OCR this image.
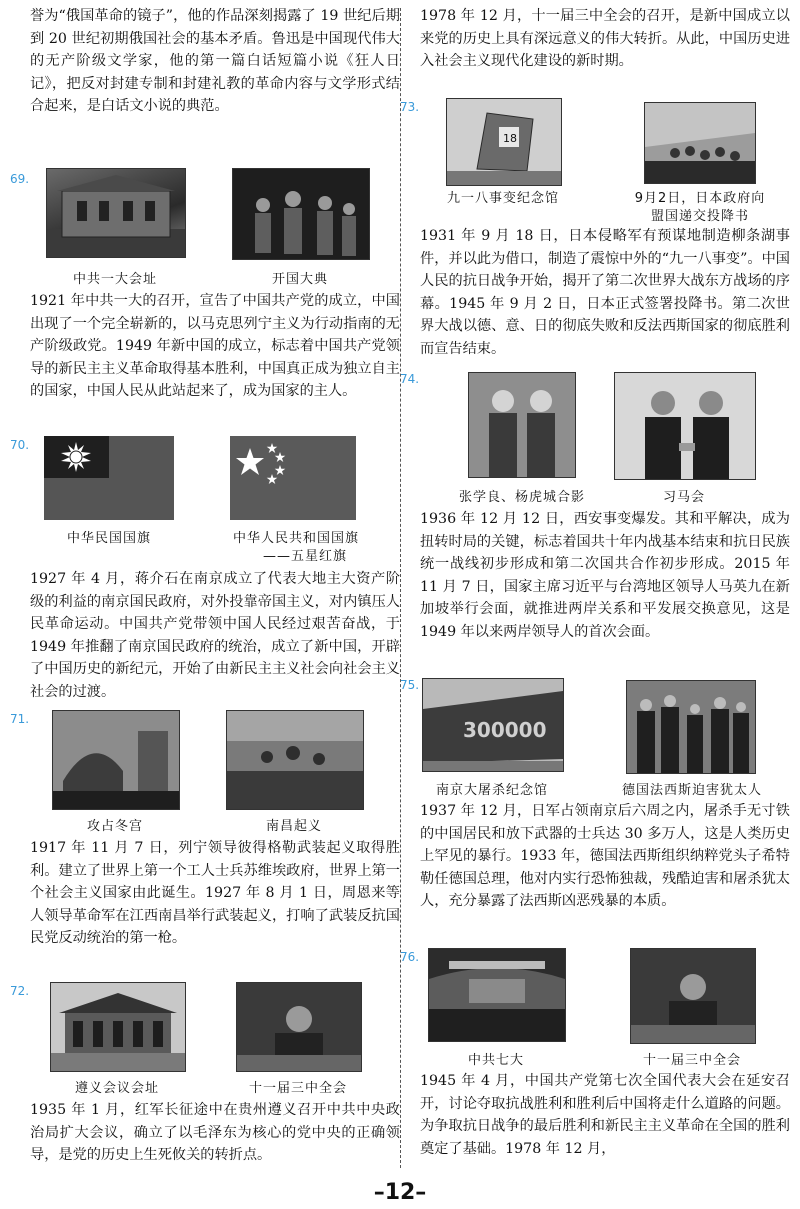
誉为“俄国革命的镜子”，他的作品深刻揭露了 19 世纪后期到 20 世纪初期俄国社会的基本矛盾。鲁迅是中国现代伟大的无产阶级文学家，他的第一篇白话短篇小说《狂人日记》，把反对封建专制和封建礼教的革命内容与文学形式结合起来，是白话文小说的典范。

69.
中共一大会址	开国大典

1921 年中共一大的召开，宣告了中国共产党的成立，中国出现了一个完全崭新的，以马克思列宁主义为行动指南的无产阶级政党。1949 年新中国的成立，标志着中国共产党领导的新民主主义革命取得基本胜利，中国真正成为独立自主的国家，中国人民从此站起来了，成为国家的主人。

70.
中华民国国旗	中华人民共和国国旗
——五星红旗

1927 年 4 月，蒋介石在南京成立了代表大地主大资产阶级的利益的南京国民政府，对外投靠帝国主义，对内镇压人民革命运动。中国共产党带领中国人民经过艰苦奋战，于 1949 年推翻了南京国民政府的统治，成立了新中国，开辟了中国历史的新纪元，开始了由新民主主义社会向社会主义社会的过渡。

71.
攻占冬宫	南昌起义

1917 年 11 月 7 日，列宁领导彼得格勒武装起义取得胜利。建立了世界上第一个工人士兵苏维埃政府，世界上第一个社会主义国家由此诞生。1927 年 8 月 1 日，周恩来等人领导革命军在江西南昌举行武装起义，打响了武装反抗国民党反动统治的第一枪。

72.
遵义会议会址	十一届三中全会

1935 年 1 月，红军长征途中在贵州遵义召开中共中央政治局扩大会议，确立了以毛泽东为核心的党中央的正确领导，是党的历史上生死攸关的转折点。

1978 年 12 月，十一届三中全会的召开，是新中国成立以来党的历史上具有深远意义的伟大转折。从此，中国历史进入社会主义现代化建设的新时期。

73.
18
九一八事变纪念馆	9月2日，日本政府向
盟国递交投降书

1931 年 9 月 18 日，日本侵略军有预谋地制造柳条湖事件，并以此为借口，制造了震惊中外的“九一八事变”。中国人民的抗日战争开始，揭开了第二次世界大战东方战场的序幕。1945 年 9 月 2 日，日本正式签署投降书。第二次世界大战以德、意、日的彻底失败和反法西斯国家的彻底胜利而宣告结束。

74.
张学良、杨虎城合影	习马会

1936 年 12 月 12 日，西安事变爆发。其和平解决，成为扭转时局的关键，标志着国共十年内战基本结束和抗日民族统一战线初步形成和第二次国共合作初步形成。2015 年 11 月 7 日，国家主席习近平与台湾地区领导人马英九在新加坡举行会面，就推进两岸关系和平发展交换意见，这是 1949 年以来两岸领导人的首次会面。

75.
300000
南京大屠杀纪念馆	德国法西斯迫害犹太人

1937 年 12 月，日军占领南京后六周之内，屠杀手无寸铁的中国居民和放下武器的士兵达 30 多万人，这是人类历史上罕见的暴行。1933 年，德国法西斯组织纳粹党头子希特勒任德国总理，他对内实行恐怖独裁，残酷迫害和屠杀犹太人，充分暴露了法西斯凶恶残暴的本质。

76.
中共七大	十一届三中全会

1945 年 4 月，中国共产党第七次全国代表大会在延安召开，讨论夺取抗战胜利和胜利后中国将走什么道路的问题。为争取抗日战争的最后胜利和新民主主义革命在全国的胜利奠定了基础。1978 年 12 月，

–12–
